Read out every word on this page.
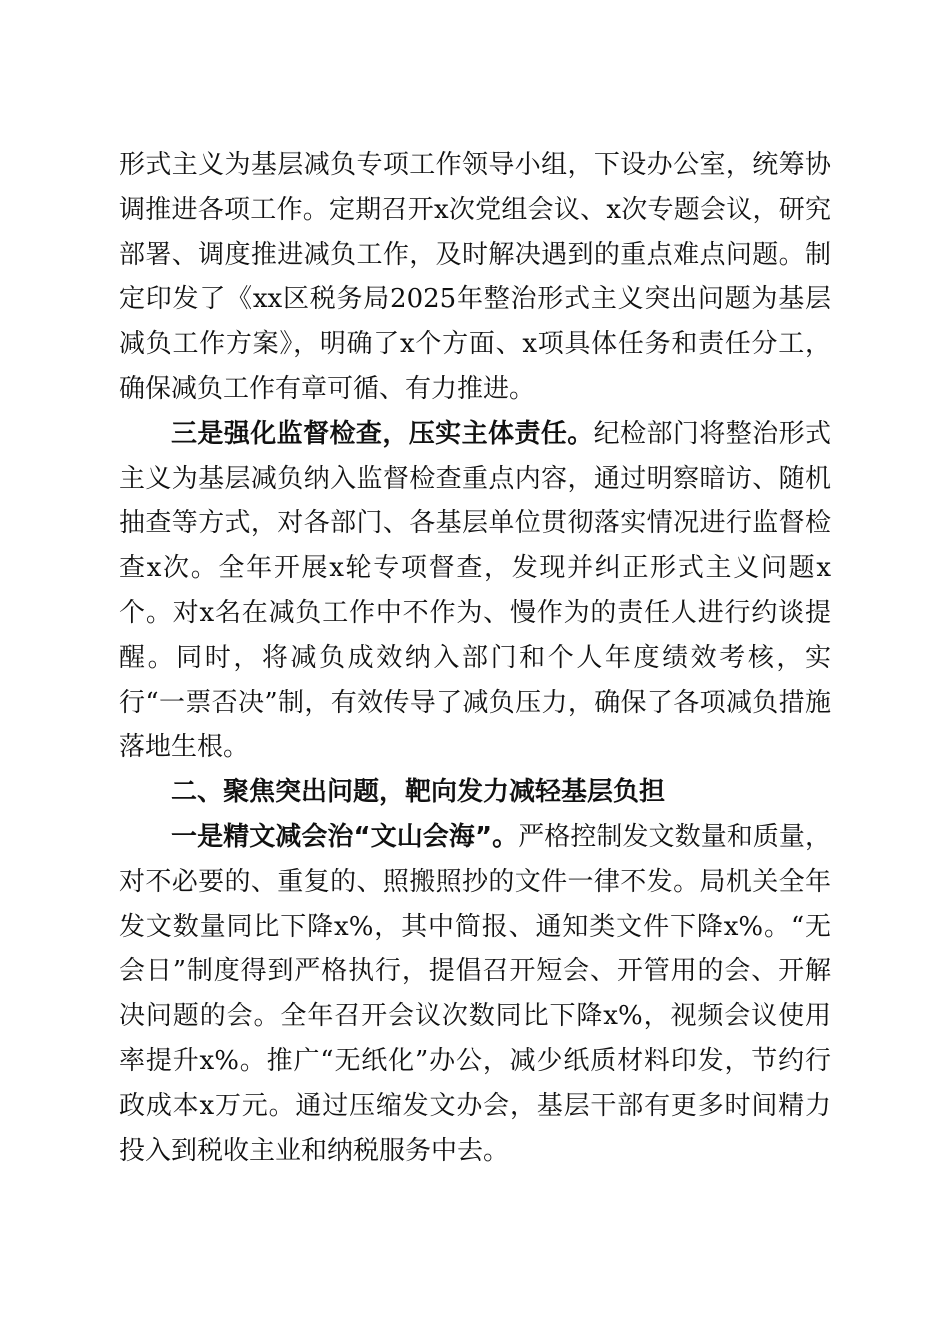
形式主义为基层减负专项工作领导小组，下设办公室，统筹协调推进各项工作。定期召开x次党组会议、x次专题会议，研究部署、调度推进减负工作，及时解决遇到的重点难点问题。制定印发了《xx区税务局2025年整治形式主义突出问题为基层减负工作方案》，明确了x个方面、x项具体任务和责任分工，确保减负工作有章可循、有力推进。

三是强化监督检查，压实主体责任。纪检部门将整治形式主义为基层减负纳入监督检查重点内容，通过明察暗访、随机抽查等方式，对各部门、各基层单位贯彻落实情况进行监督检查x次。全年开展x轮专项督查，发现并纠正形式主义问题x个。对x名在减负工作中不作为、慢作为的责任人进行约谈提醒。同时，将减负成效纳入部门和个人年度绩效考核，实行“一票否决”制，有效传导了减负压力，确保了各项减负措施落地生根。

二、聚焦突出问题，靶向发力减轻基层负担

一是精文减会治“文山会海”。严格控制发文数量和质量，对不必要的、重复的、照搬照抄的文件一律不发。局机关全年发文数量同比下降x%，其中简报、通知类文件下降x%。“无会日”制度得到严格执行，提倡召开短会、开管用的会、开解决问题的会。全年召开会议次数同比下降x%，视频会议使用率提升x%。推广“无纸化”办公，减少纸质材料印发，节约行政成本x万元。通过压缩发文办会，基层干部有更多时间精力投入到税收主业和纳税服务中去。
